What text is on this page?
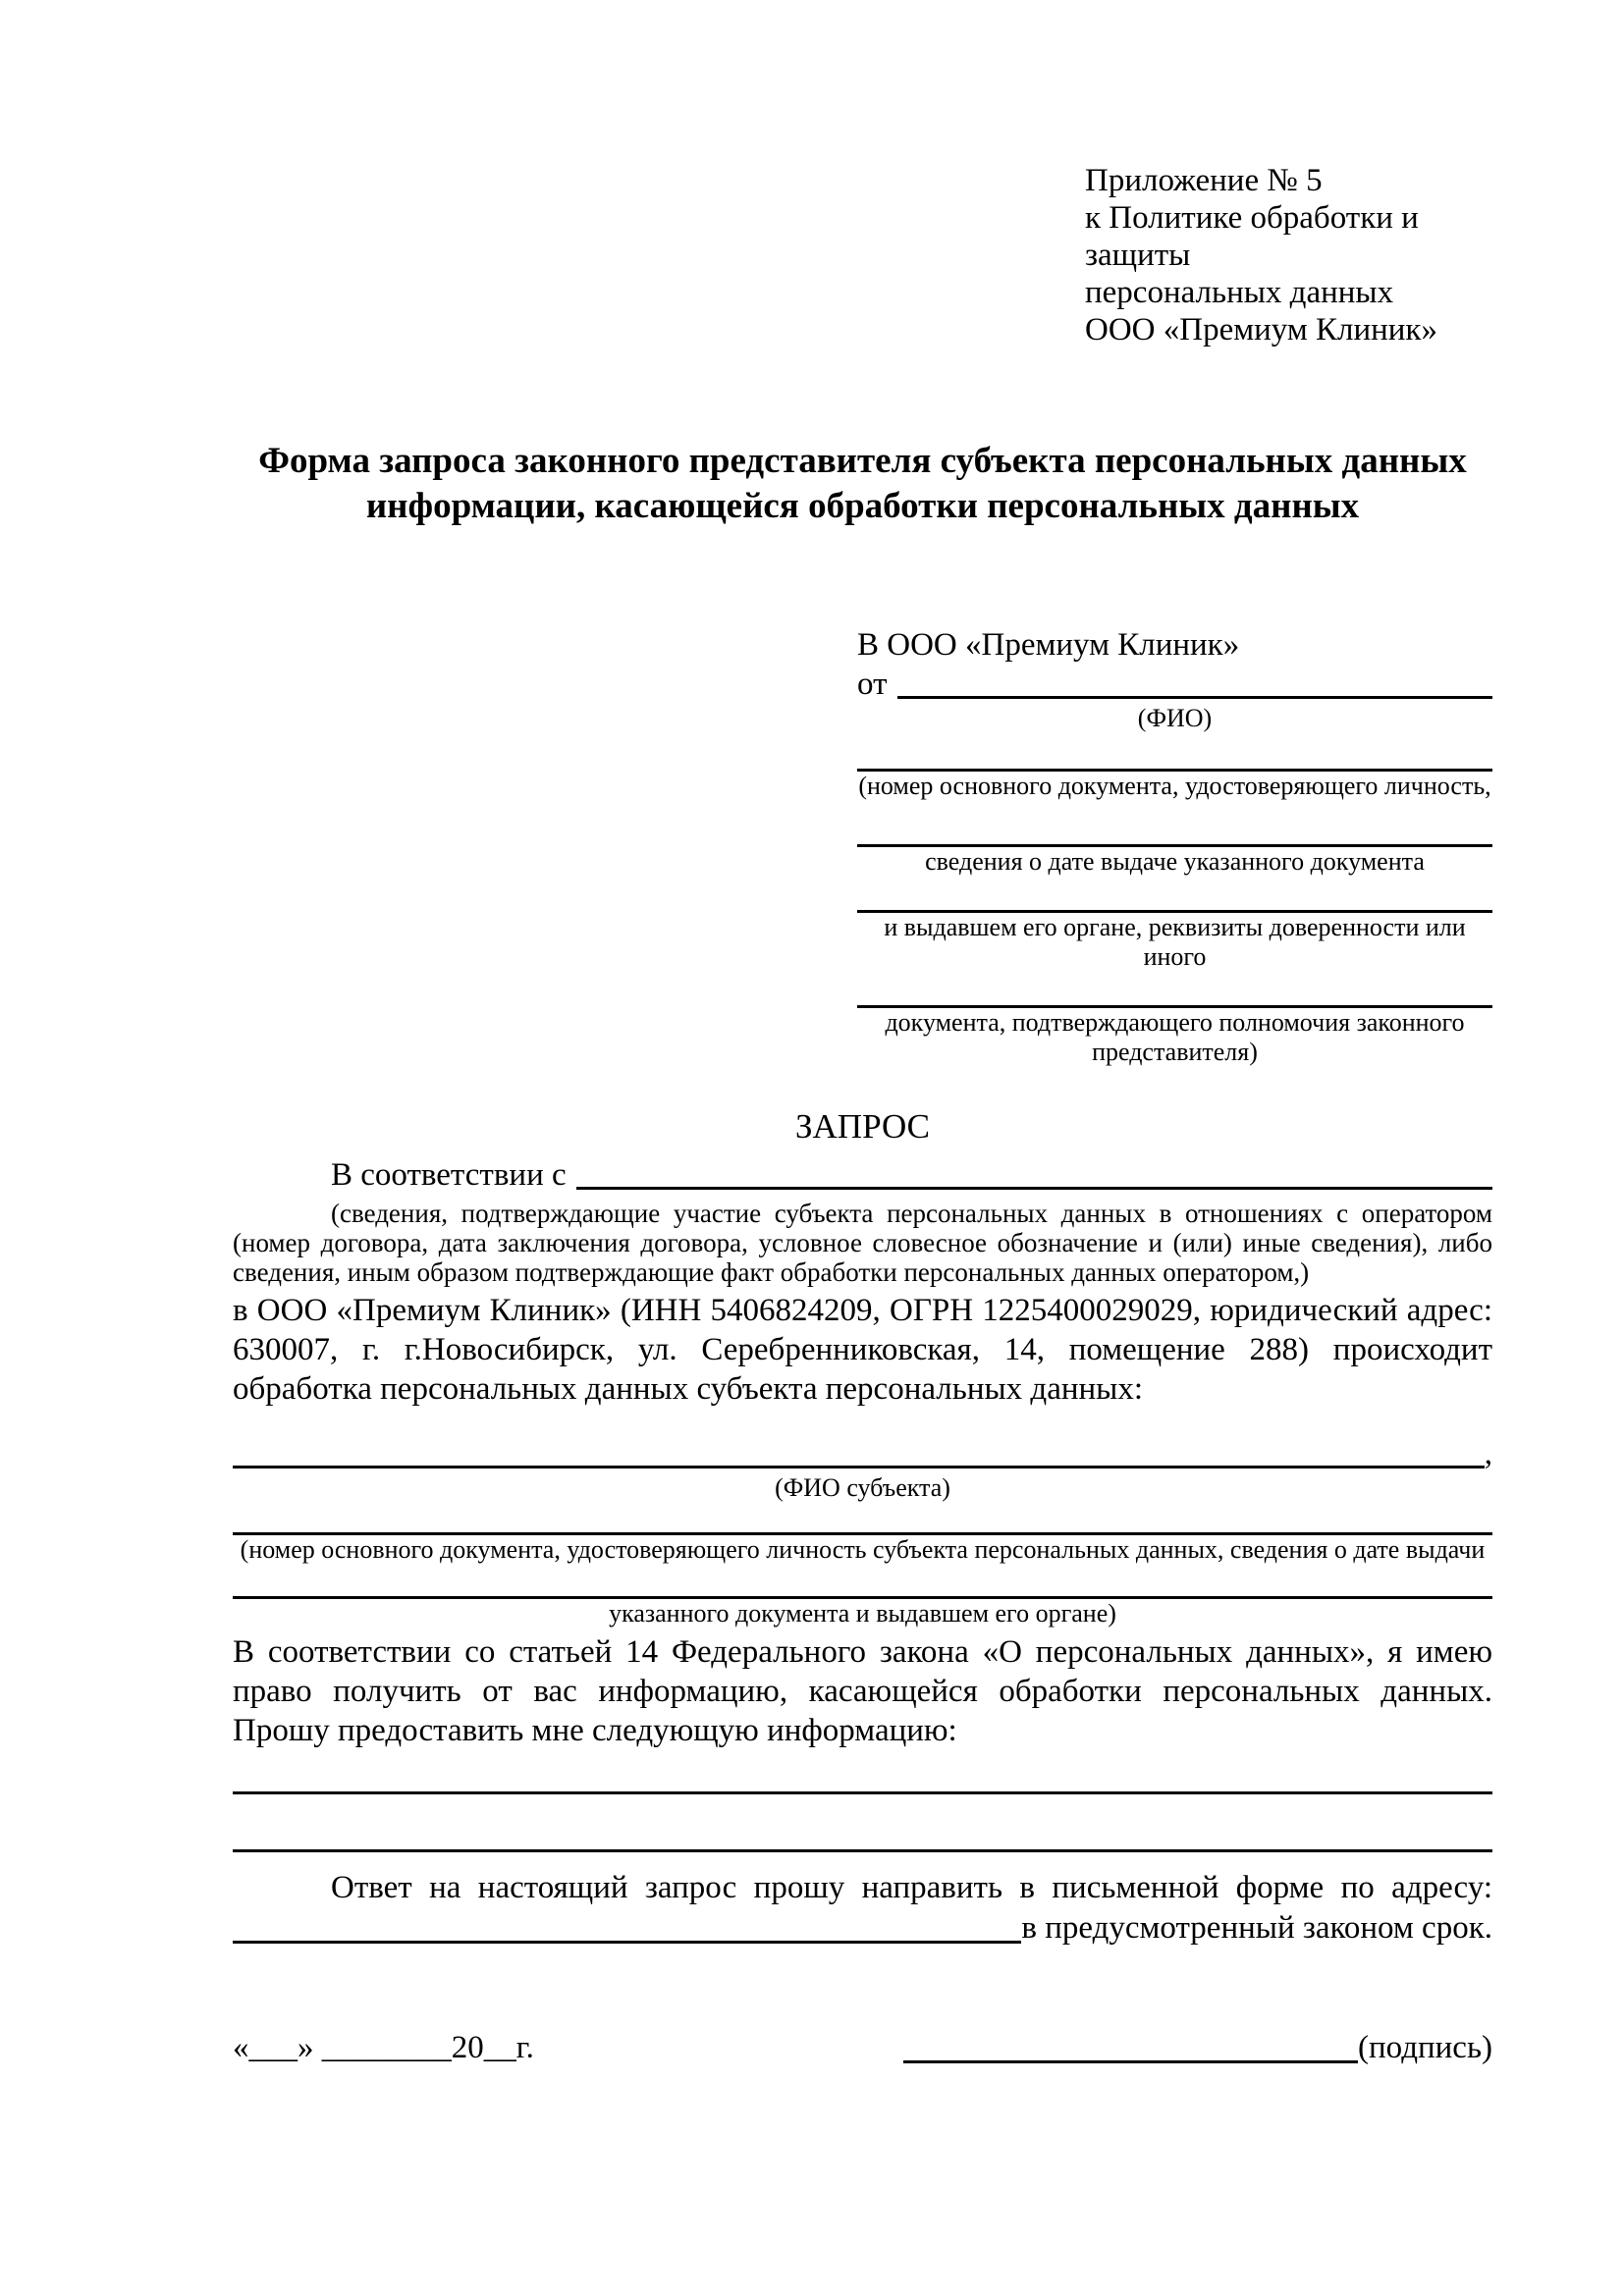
Приложение № 5
к Политике обработки и защиты
персональных данных
ООО «Премиум Клиник»
Форма запроса законного представителя субъекта персональных данных
информации, касающейся обработки персональных данных
В ООО «Премиум Клиник»
от
(ФИО)
(номер основного документа, удостоверяющего личность,
сведения о дате выдаче указанного документа
и выдавшем его органе, реквизиты доверенности или иного
документа, подтверждающего полномочия законного представителя)
ЗАПРОС
В соответствии с

(сведения, подтверждающие участие субъекта персональных данных в отношениях с оператором (номер договора, дата заключения договора, условное словесное обозначение и (или) иные сведения), либо сведения, иным образом подтверждающие факт обработки персональных данных оператором,)

в ООО «Премиум Клиник» (ИНН 5406824209, ОГРН 1225400029029, юридический адрес: 630007, г. г.Новосибирск, ул. Серебренниковская, 14, помещение 288) происходит обработка персональных данных субъекта персональных данных:

,
(ФИО субъекта)
(номер основного документа, удостоверяющего личность субъекта персональных данных, сведения о дате выдачи
указанного документа и выдавшем его органе)

В соответствии со статьей 14 Федерального закона «О персональных данных», я имею право получить от вас информацию, касающейся обработки персональных данных. Прошу предоставить мне следующую информацию:

Ответ на настоящий запрос прошу направить в письменной форме по адресу:

в предусмотренный законом срок.
«___» ________20__г.	(подпись)
